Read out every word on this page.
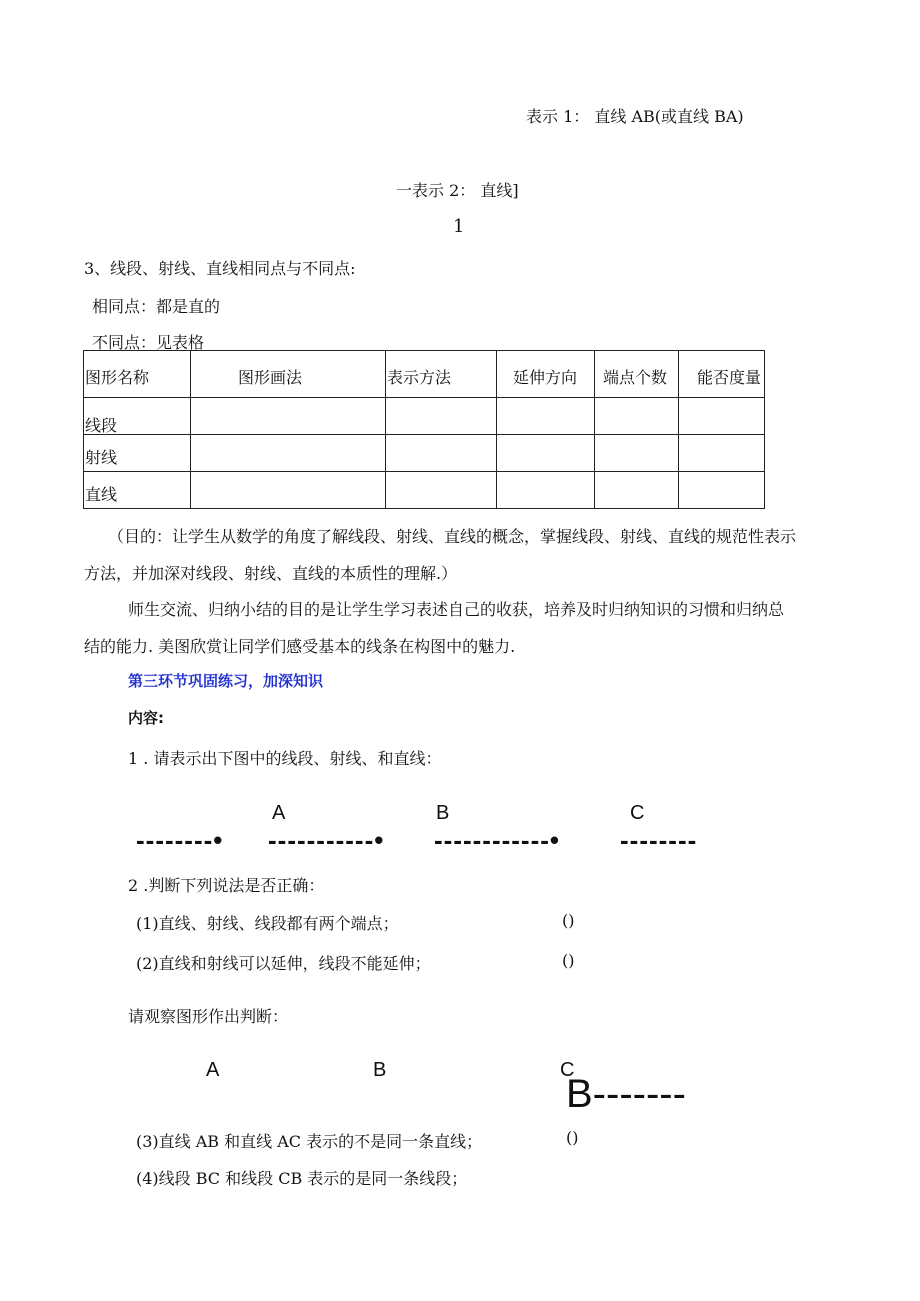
表示 1： 直线 AB(或直线 BA)
一表示 2： 直线]
1
3、线段、射线、直线相同点与不同点:
相同点：都是直的
不同点：见表格
图形名称	图形画法	表示方法	延伸方向	端点个数	能否度量

线段					

射线					

直线					

（目的：让学生从数学的角度了解线段、射线、直线的概念，掌握线段、射线、直线的规范性表示
方法，并加深对线段、射线、直线的本质性的理解.）
师生交流、归纳小结的目的是让学生学习表述自己的收获，培养及时归纳知识的习惯和归纳总
结的能力. 美图欣赏让同学们感受基本的线条在构图中的魅力.
第三环节巩固练习，加深知识
内容:
1 . 请表示出下图中的线段、射线、和直线：
A	B	C
--------• -----------• ------------• --------
2 .判断下列说法是否正确：
(1)直线、射线、线段都有两个端点；	()
(2)直线和射线可以延伸，线段不能延伸；	()
请观察图形作出判断：
A	B	C
B-------
(3)直线 AB 和直线 AC 表示的不是同一条直线；	()
(4)线段 BC 和线段 CB 表示的是同一条线段；
